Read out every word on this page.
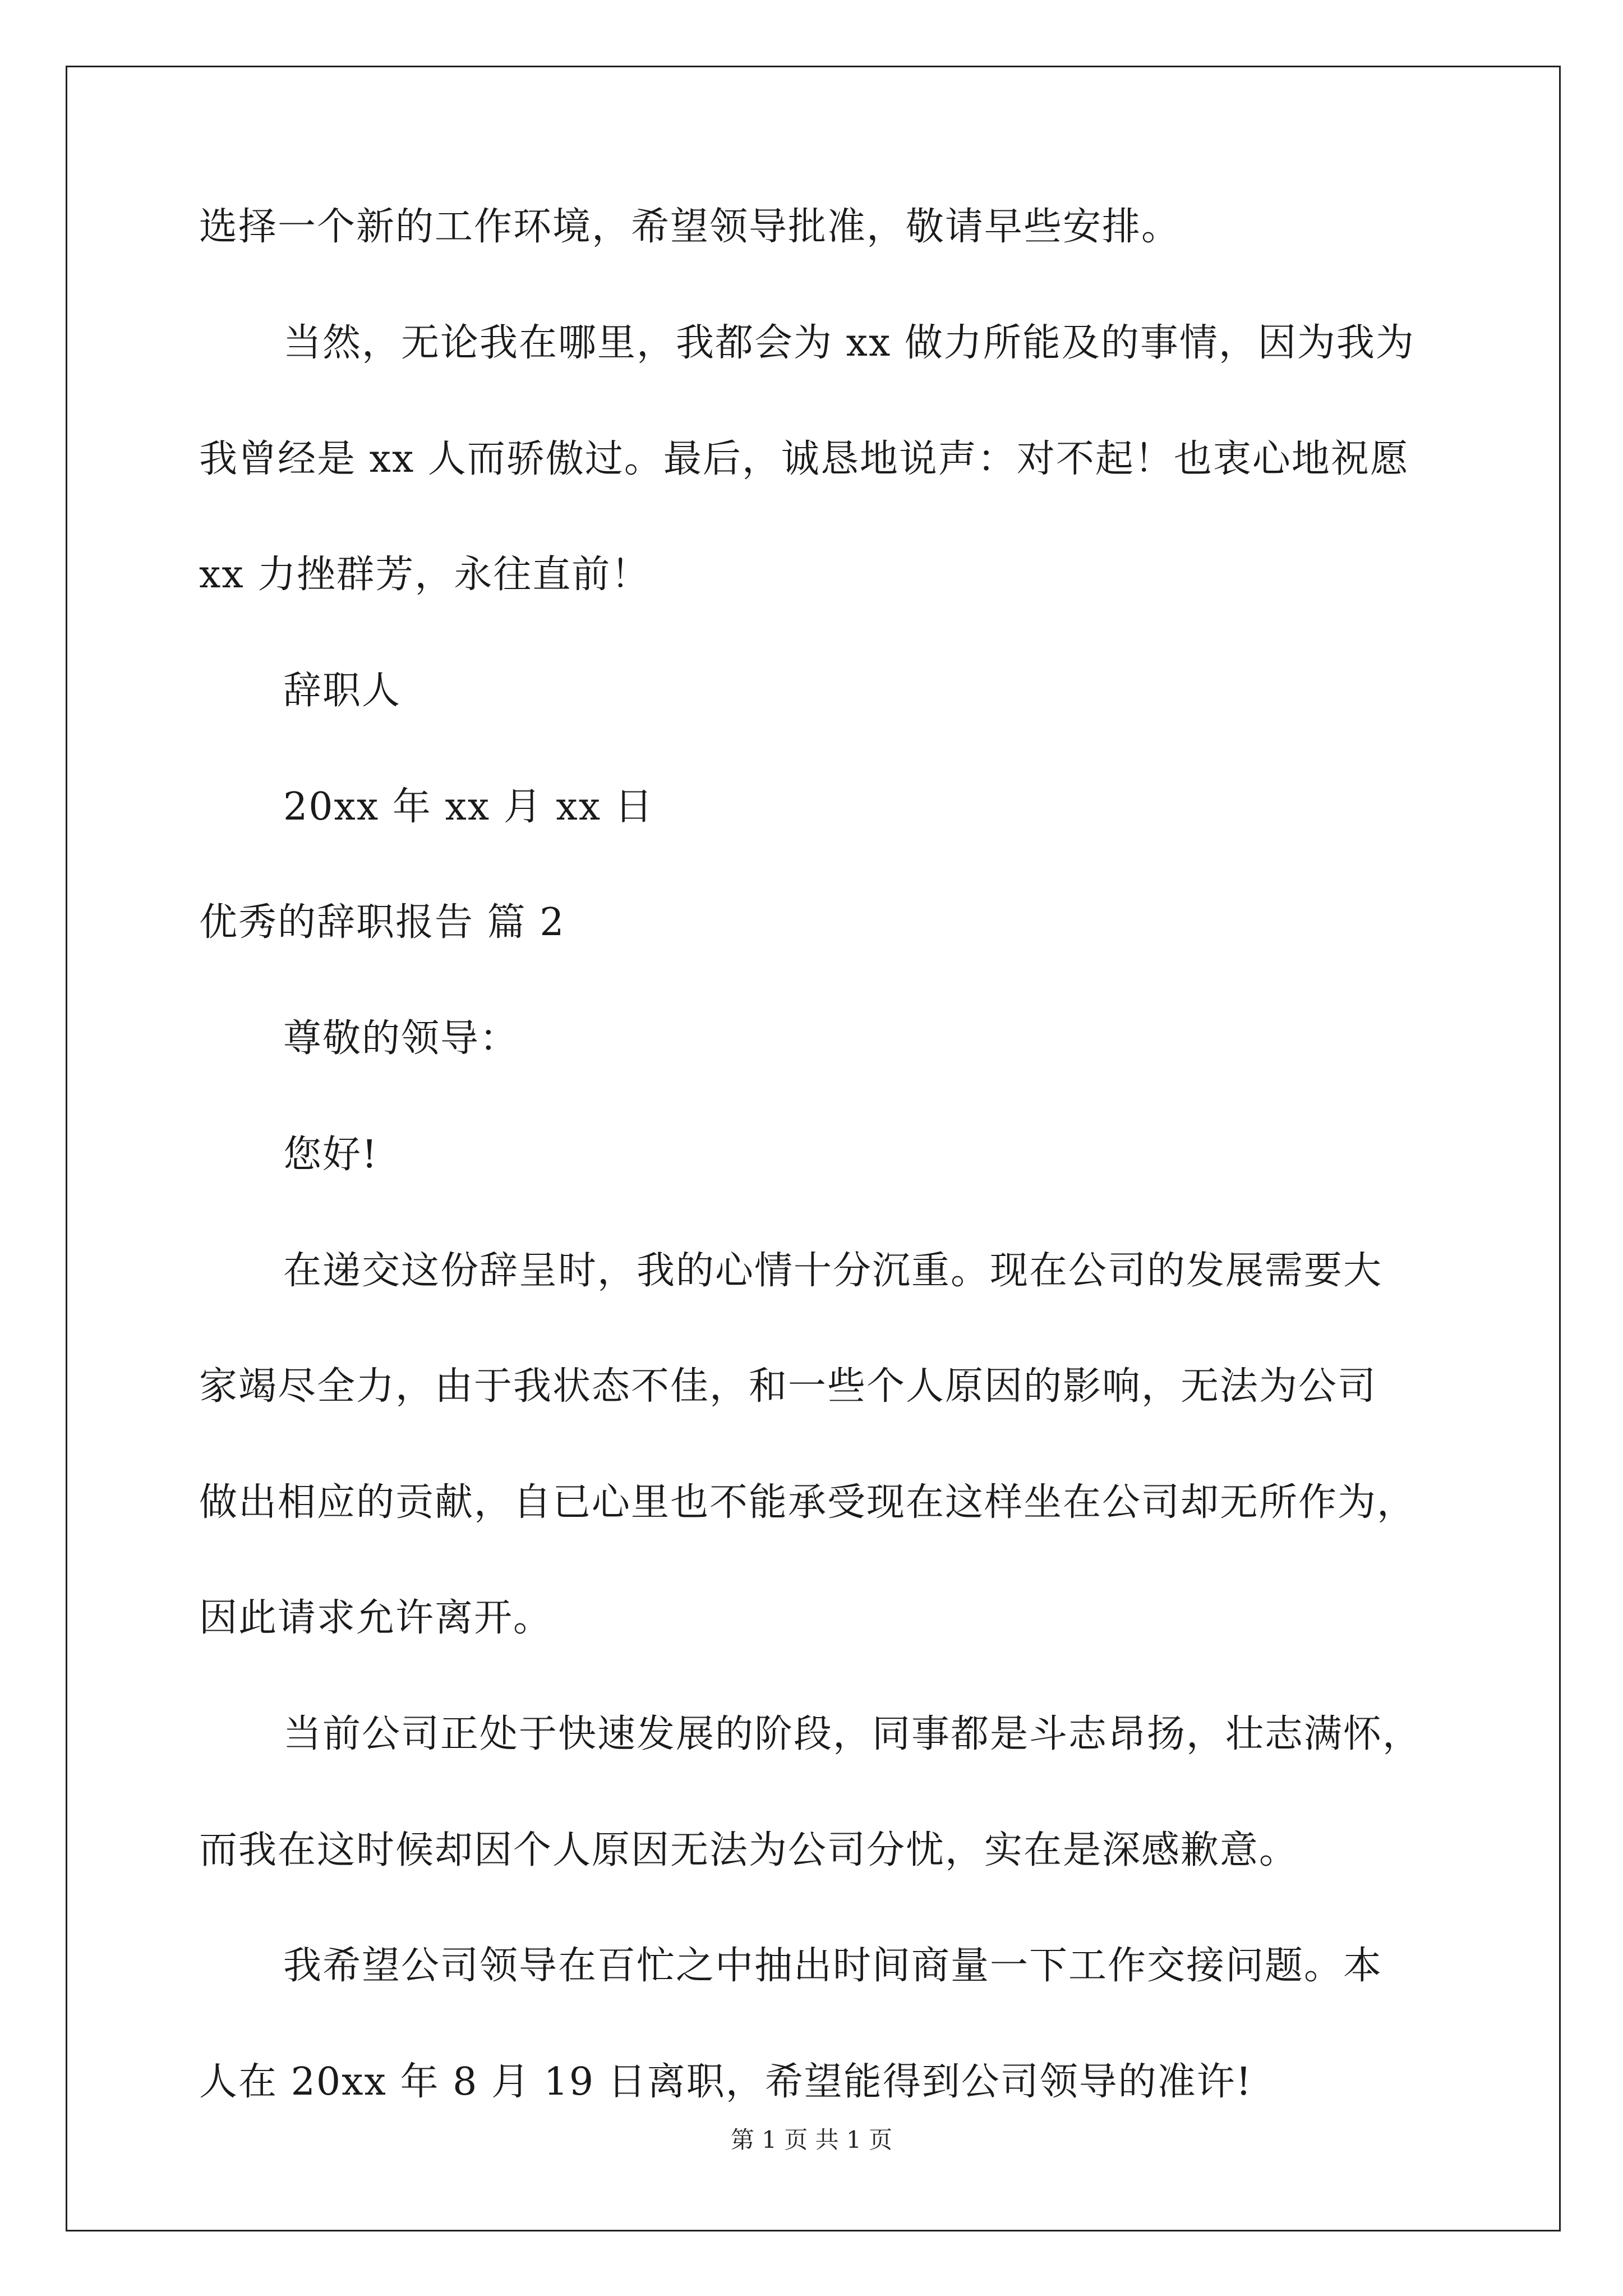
选择一个新的工作环境，希望领导批准，敬请早些安排。
当然，无论我在哪里，我都会为 xx 做力所能及的事情，因为我为
我曾经是 xx 人而骄傲过。最后，诚恳地说声：对不起！也衷心地祝愿
xx 力挫群芳，永往直前！
辞职人
20xx 年 xx 月 xx 日
优秀的辞职报告 篇 2
尊敬的领导：
您好!
在递交这份辞呈时，我的心情十分沉重。现在公司的发展需要大
家竭尽全力，由于我状态不佳，和一些个人原因的影响，无法为公司
做出相应的贡献，自已心里也不能承受现在这样坐在公司却无所作为，
因此请求允许离开。
当前公司正处于快速发展的阶段，同事都是斗志昂扬，壮志满怀，
而我在这时候却因个人原因无法为公司分忧，实在是深感歉意。
我希望公司领导在百忙之中抽出时间商量一下工作交接问题。本
人在 20xx 年 8 月 19 日离职，希望能得到公司领导的准许!
第 1 页 共 1 页
